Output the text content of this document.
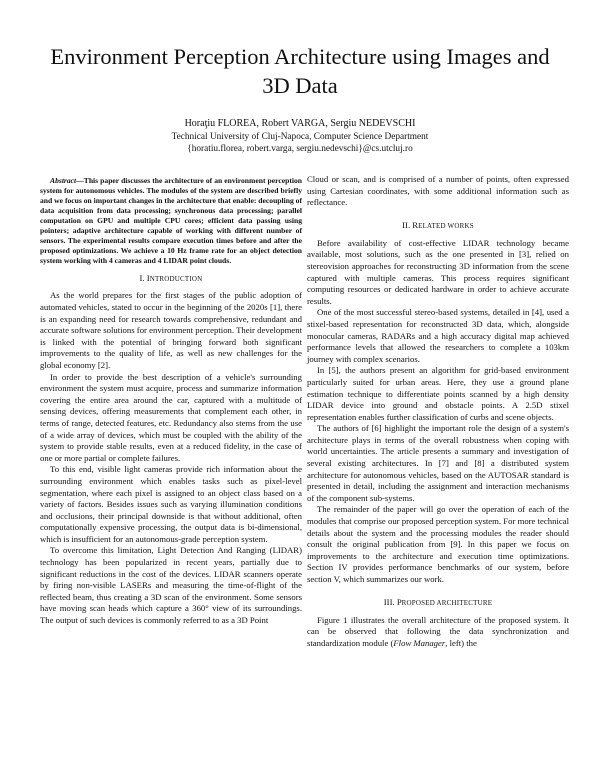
Environment Perception Architecture using Images and 3D Data
Horaţiu FLOREA, Robert VARGA, Sergiu NEDEVSCHI
Technical University of Cluj-Napoca, Computer Science Department
{horatiu.florea, robert.varga, sergiu.nedevschi}@cs.utcluj.ro

Abstract—This paper discusses the architecture of an environment perception system for autonomous vehicles. The modules of the system are described briefly and we focus on important changes in the architecture that enable: decoupling of data acquisition from data processing; synchronous data processing; parallel computation on GPU and multiple CPU cores; efficient data passing using pointers; adaptive architecture capable of working with different number of sensors. The experimental results compare execution times before and after the proposed optimizations. We achieve a 10 Hz frame rate for an object detection system working with 4 cameras and 4 LIDAR point clouds.

I. INTRODUCTION

As the world prepares for the first stages of the public adoption of automated vehicles, stated to occur in the beginning of the 2020s [1], there is an expanding need for research towards comprehensive, redundant and accurate software solutions for environment perception. Their development is linked with the potential of bringing forward both significant improvements to the quality of life, as well as new challenges for the global economy [2].

In order to provide the best description of a vehicle's surrounding environment the system must acquire, process and summarize information covering the entire area around the car, captured with a multitude of sensing devices, offering measurements that complement each other, in terms of range, detected features, etc. Redundancy also stems from the use of a wide array of devices, which must be coupled with the ability of the system to provide stable results, even at a reduced fidelity, in the case of one or more partial or complete failures.

To this end, visible light cameras provide rich information about the surrounding environment which enables tasks such as pixel-level segmentation, where each pixel is assigned to an object class based on a variety of factors. Besides issues such as varying illumination conditions and occlusions, their principal downside is that without additional, often computationally expensive processing, the output data is bi-dimensional, which is insufficient for an autonomous-grade perception system.

To overcome this limitation, Light Detection And Ranging (LIDAR) technology has been popularized in recent years, partially due to significant reductions in the cost of the devices. LIDAR scanners operate by firing non-visible LASERs and measuring the time-of-flight of the reflected beam, thus creating a 3D scan of the environment. Some sensors have moving scan heads which capture a 360° view of its surroundings. The output of such devices is commonly referred to as a 3D Point

Cloud or scan, and is comprised of a number of points, often expressed using Cartesian coordinates, with some additional information such as reflectance.

II. RELATED WORKS

Before availability of cost-effective LIDAR technology became available, most solutions, such as the one presented in [3], relied on stereovision approaches for reconstructing 3D information from the scene captured with multiple cameras. This process requires significant computing resources or dedicated hardware in order to achieve accurate results.

One of the most successful stereo-based systems, detailed in [4], used a stixel-based representation for reconstructed 3D data, which, alongside monocular cameras, RADARs and a high accuracy digital map achieved performance levels that allowed the researchers to complete a 103km journey with complex scenarios.

In [5], the authors present an algorithm for grid-based environment particularly suited for urban areas. Here, they use a ground plane estimation technique to differentiate points scanned by a high density LIDAR device into ground and obstacle points. A 2.5D stixel representation enables further classification of curbs and scene objects.

The authors of [6] highlight the important role the design of a system's architecture plays in terms of the overall robustness when coping with world uncertainties. The article presents a summary and investigation of several existing architectures. In [7] and [8] a distributed system architecture for autonomous vehicles, based on the AUTOSAR standard is presented in detail, including the assignment and interaction mechanisms of the component sub-systems.

The remainder of the paper will go over the operation of each of the modules that comprise our proposed perception system. For more technical details about the system and the processing modules the reader should consult the original publication from [9]. In this paper we focus on improvements to the architecture and execution time optimizations. Section IV provides performance benchmarks of our system, before section V, which summarizes our work.

III. PROPOSED ARCHITECTURE

Figure 1 illustrates the overall architecture of the proposed system. It can be observed that following the data synchronization and standardization module (Flow Manager, left) the
